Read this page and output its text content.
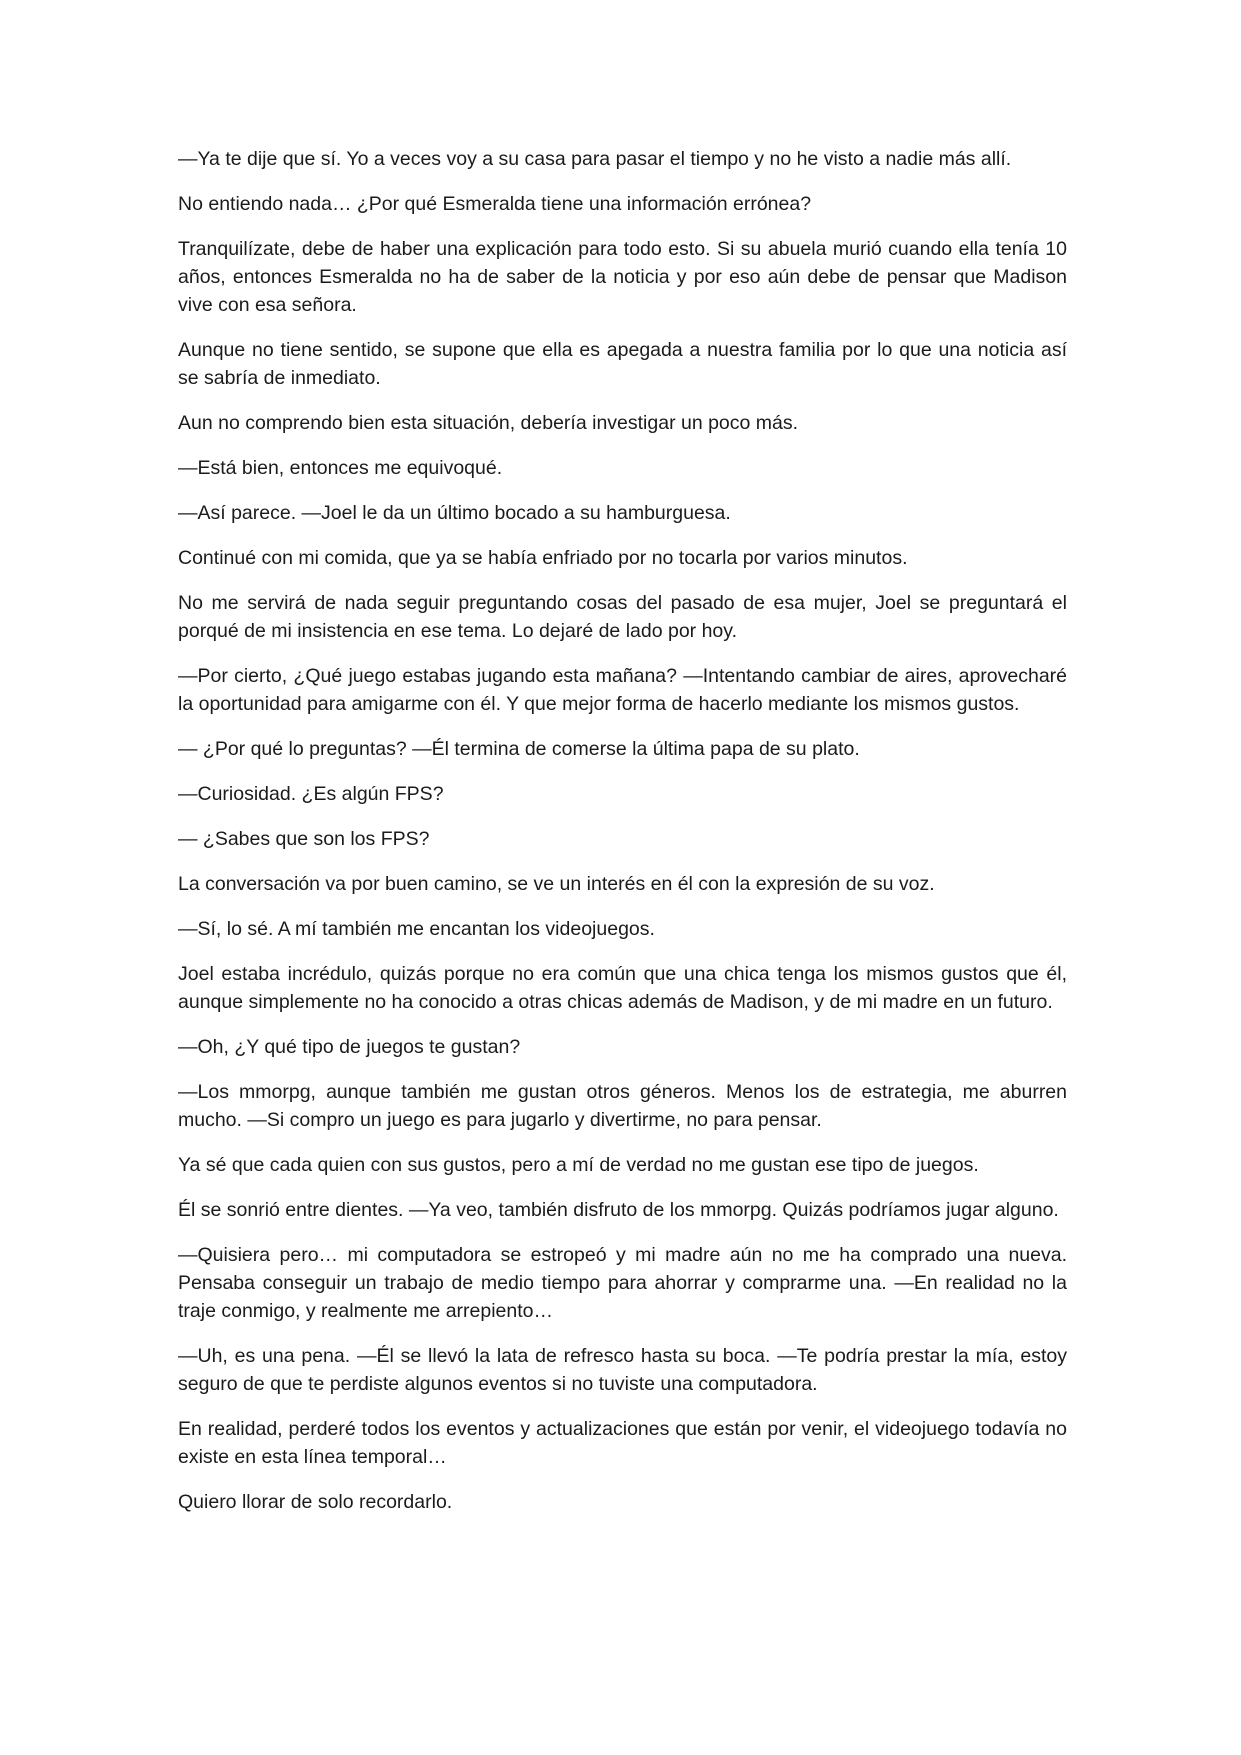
—Ya te dije que sí. Yo a veces voy a su casa para pasar el tiempo y no he visto a nadie más allí.

No entiendo nada… ¿Por qué Esmeralda tiene una información errónea?

Tranquilízate, debe de haber una explicación para todo esto. Si su abuela murió cuando ella tenía 10 años, entonces Esmeralda no ha de saber de la noticia y por eso aún debe de pensar que Madison vive con esa señora.

Aunque no tiene sentido, se supone que ella es apegada a nuestra familia por lo que una noticia así se sabría de inmediato.

Aun no comprendo bien esta situación, debería investigar un poco más.

—Está bien, entonces me equivoqué.

—Así parece. —Joel le da un último bocado a su hamburguesa.

Continué con mi comida, que ya se había enfriado por no tocarla por varios minutos.

No me servirá de nada seguir preguntando cosas del pasado de esa mujer, Joel se preguntará el porqué de mi insistencia en ese tema. Lo dejaré de lado por hoy.

—Por cierto, ¿Qué juego estabas jugando esta mañana? —Intentando cambiar de aires, aprovecharé la oportunidad para amigarme con él. Y que mejor forma de hacerlo mediante los mismos gustos.

— ¿Por qué lo preguntas? —Él termina de comerse la última papa de su plato.

—Curiosidad. ¿Es algún FPS?

— ¿Sabes que son los FPS?

La conversación va por buen camino, se ve un interés en él con la expresión de su voz.

—Sí, lo sé. A mí también me encantan los videojuegos.

Joel estaba incrédulo, quizás porque no era común que una chica tenga los mismos gustos que él, aunque simplemente no ha conocido a otras chicas además de Madison, y de mi madre en un futuro.

—Oh, ¿Y qué tipo de juegos te gustan?

—Los mmorpg, aunque también me gustan otros géneros. Menos los de estrategia, me aburren mucho. —Si compro un juego es para jugarlo y divertirme, no para pensar.

Ya sé que cada quien con sus gustos, pero a mí de verdad no me gustan ese tipo de juegos.

Él se sonrió entre dientes. —Ya veo, también disfruto de los mmorpg. Quizás podríamos jugar alguno.

—Quisiera pero… mi computadora se estropeó y mi madre aún no me ha comprado una nueva. Pensaba conseguir un trabajo de medio tiempo para ahorrar y comprarme una. —En realidad no la traje conmigo, y realmente me arrepiento…

—Uh, es una pena. —Él se llevó la lata de refresco hasta su boca. —Te podría prestar la mía, estoy seguro de que te perdiste algunos eventos si no tuviste una computadora.

En realidad, perderé todos los eventos y actualizaciones que están por venir, el videojuego todavía no existe en esta línea temporal…

Quiero llorar de solo recordarlo.
